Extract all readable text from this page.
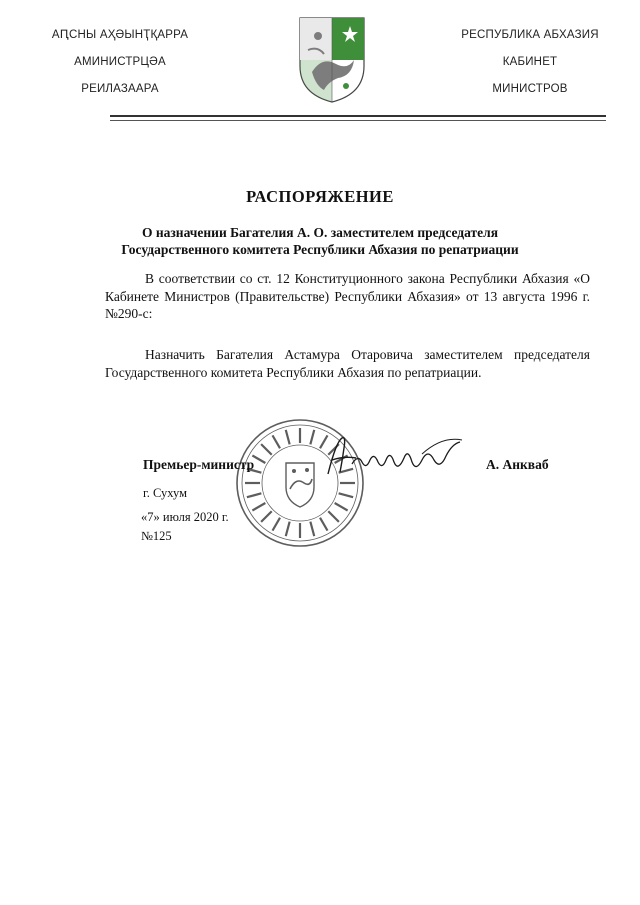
АԤСНЫ АҲӘЫНҬҚАРРА
АМИНИСТРЦӘА
РЕИЛАЗААРА
РЕСПУБЛИКА АБХАЗИЯ
КАБИНЕТ
МИНИСТРОВ
РАСПОРЯЖЕНИЕ
О назначении Багателия А. О. заместителем председателя
Государственного комитета Республики Абхазия по репатриации
В соответствии со ст. 12 Конституционного закона Республики Абхазия «О Кабинете Министров (Правительстве) Республики Абхазия» от 13 августа 1996 г. №290-с:
Назначить Багателия Астамура Отаровича заместителем председателя Государственного комитета Республики Абхазия по репатриации.
Премьер-министр	А. Анкваб
г. Сухум
«7» июля 2020 г.
№125
